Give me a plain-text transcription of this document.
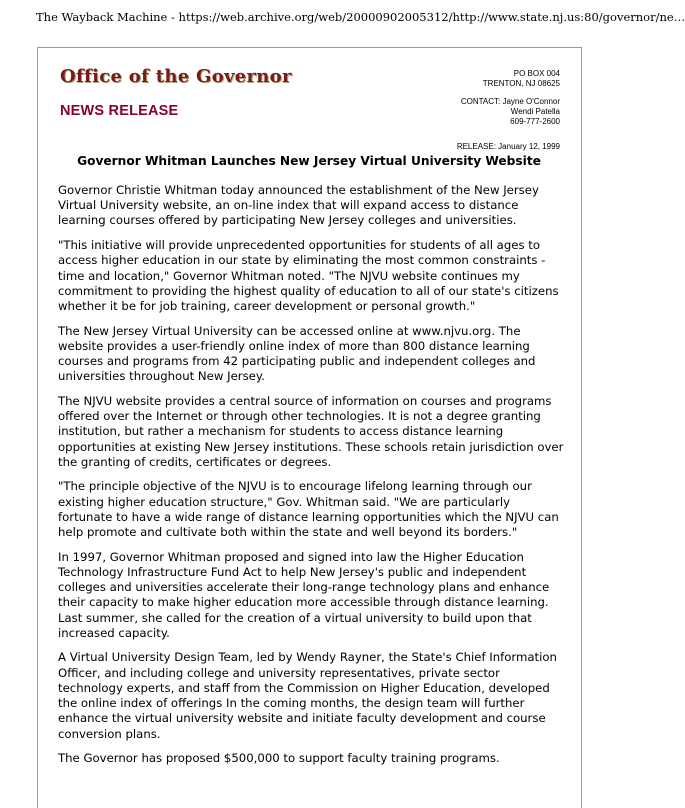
The Wayback Machine - https://web.archive.org/web/20000902005312/http://www.state.nj.us:80/governor/ne…
Office of the Governor
NEWS RELEASE
PO BOX 004
TRENTON, NJ 08625
CONTACT: Jayne O'Connor
Wendi Patella
609-777-2600
RELEASE: January 12, 1999
Governor Whitman Launches New Jersey Virtual University Website

Governor Christie Whitman today announced the establishment of the New Jersey Virtual University website, an on-line index that will expand access to distance learning courses offered by participating New Jersey colleges and universities.

"This initiative will provide unprecedented opportunities for students of all ages to access higher education in our state by eliminating the most common constraints - time and location," Governor Whitman noted. "The NJVU website continues my commitment to providing the highest quality of education to all of our state's citizens whether it be for job training, career development or personal growth."

The New Jersey Virtual University can be accessed online at www.njvu.org. The website provides a user-friendly online index of more than 800 distance learning courses and programs from 42 participating public and independent colleges and universities throughout New Jersey.

The NJVU website provides a central source of information on courses and programs offered over the Internet or through other technologies. It is not a degree granting institution, but rather a mechanism for students to access distance learning opportunities at existing New Jersey institutions. These schools retain jurisdiction over the granting of credits, certificates or degrees.

"The principle objective of the NJVU is to encourage lifelong learning through our existing higher education structure," Gov. Whitman said. "We are particularly fortunate to have a wide range of distance learning opportunities which the NJVU can help promote and cultivate both within the state and well beyond its borders."

In 1997, Governor Whitman proposed and signed into law the Higher Education Technology Infrastructure Fund Act to help New Jersey's public and independent colleges and universities accelerate their long-range technology plans and enhance their capacity to make higher education more accessible through distance learning. Last summer, she called for the creation of a virtual university to build upon that increased capacity.

A Virtual University Design Team, led by Wendy Rayner, the State's Chief Information Officer, and including college and university representatives, private sector technology experts, and staff from the Commission on Higher Education, developed the online index of offerings In the coming months, the design team will further enhance the virtual university website and initiate faculty development and course conversion plans.

The Governor has proposed $500,000 to support faculty training programs.
